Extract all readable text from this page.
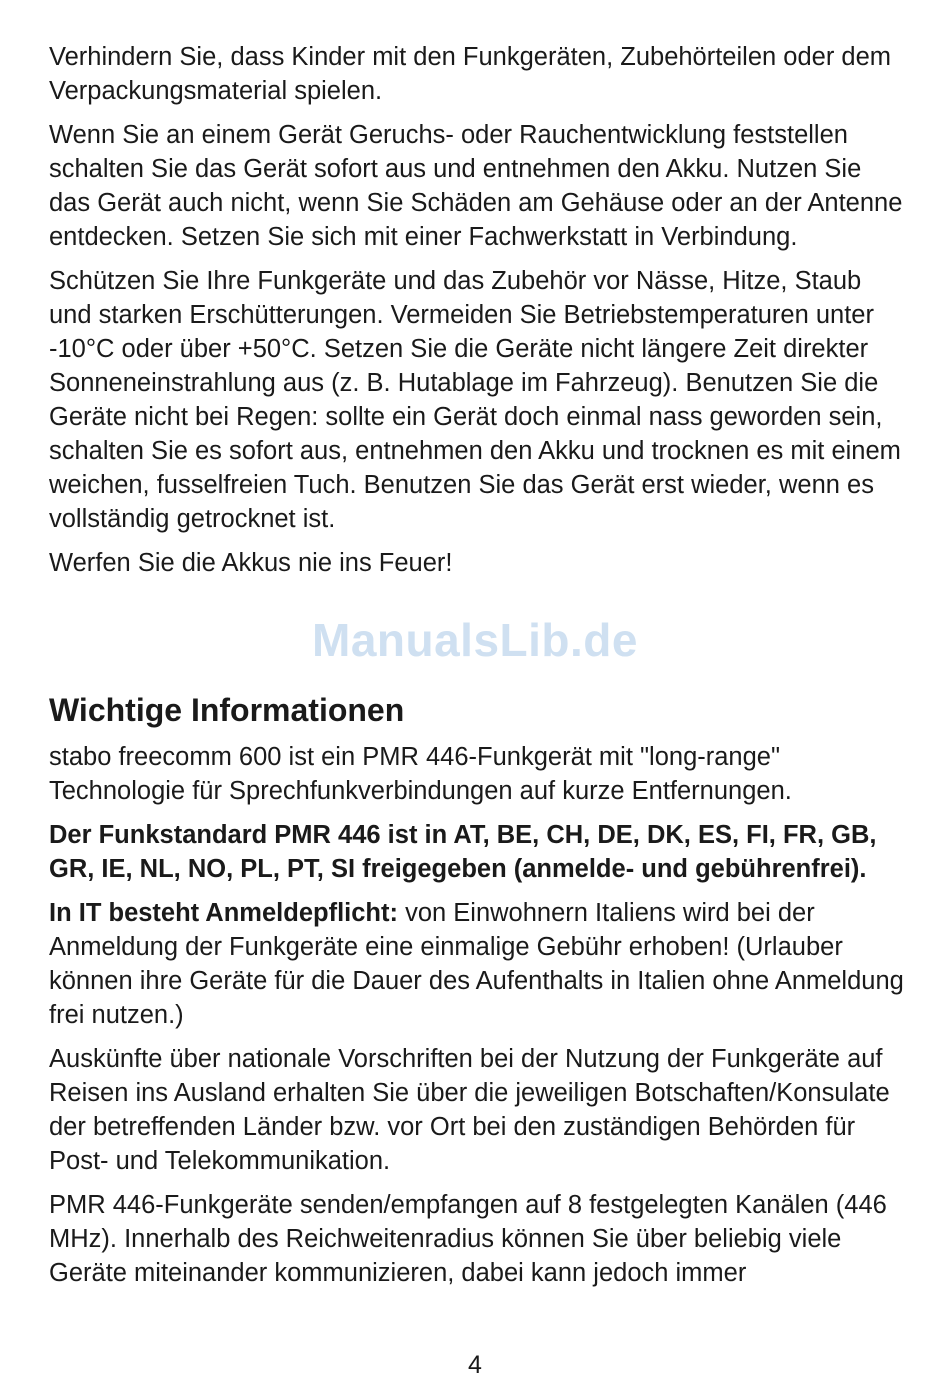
Verhindern Sie, dass Kinder mit den Funkgeräten, Zubehörteilen oder dem Verpackungsmaterial spielen.

Wenn Sie an einem Gerät Geruchs- oder Rauchentwicklung feststellen schalten Sie das Gerät sofort aus und entnehmen den Akku. Nutzen Sie das Gerät auch nicht, wenn Sie Schäden am Gehäuse oder an der Antenne entdecken. Setzen Sie sich mit einer Fachwerkstatt in Verbindung.

Schützen Sie Ihre Funkgeräte und das Zubehör vor Nässe, Hitze, Staub und starken Erschütterungen. Vermeiden Sie Betriebstemperaturen unter -10°C oder über +50°C. Setzen Sie die Geräte nicht längere Zeit direkter Sonneneinstrahlung aus (z. B. Hutablage im Fahrzeug). Benutzen Sie die Geräte nicht bei Regen: sollte ein Gerät doch einmal nass geworden sein, schalten Sie es sofort aus, entnehmen den Akku und trocknen es mit einem weichen, fusselfreien Tuch. Benutzen Sie das Gerät erst wieder, wenn es vollständig getrocknet ist.

Werfen Sie die Akkus nie ins Feuer!

ManualsLib.de
Wichtige Informationen

stabo freecomm 600 ist ein PMR 446-Funkgerät mit "long-range" Technologie für Sprechfunkverbindungen auf kurze Entfernungen.

Der Funkstandard PMR 446 ist in AT, BE, CH, DE, DK, ES, FI, FR, GB, GR, IE, NL, NO, PL, PT, SI freigegeben (anmelde- und gebührenfrei).

In IT besteht Anmeldepflicht: von Einwohnern Italiens wird bei der Anmeldung der Funkgeräte eine einmalige Gebühr erhoben! (Urlauber können ihre Geräte für die Dauer des Aufenthalts in Italien ohne Anmeldung frei nutzen.)

Auskünfte über nationale Vorschriften bei der Nutzung der Funkgeräte auf Reisen ins Ausland erhalten Sie über die jeweiligen Botschaften/Konsulate der betreffenden Länder bzw. vor Ort bei den zuständigen Behörden für Post- und Telekommunikation.

PMR 446-Funkgeräte senden/empfangen auf 8 festgelegten Kanälen (446 MHz). Innerhalb des Reichweitenradius können Sie über beliebig viele Geräte miteinander kommunizieren, dabei kann jedoch immer

4
